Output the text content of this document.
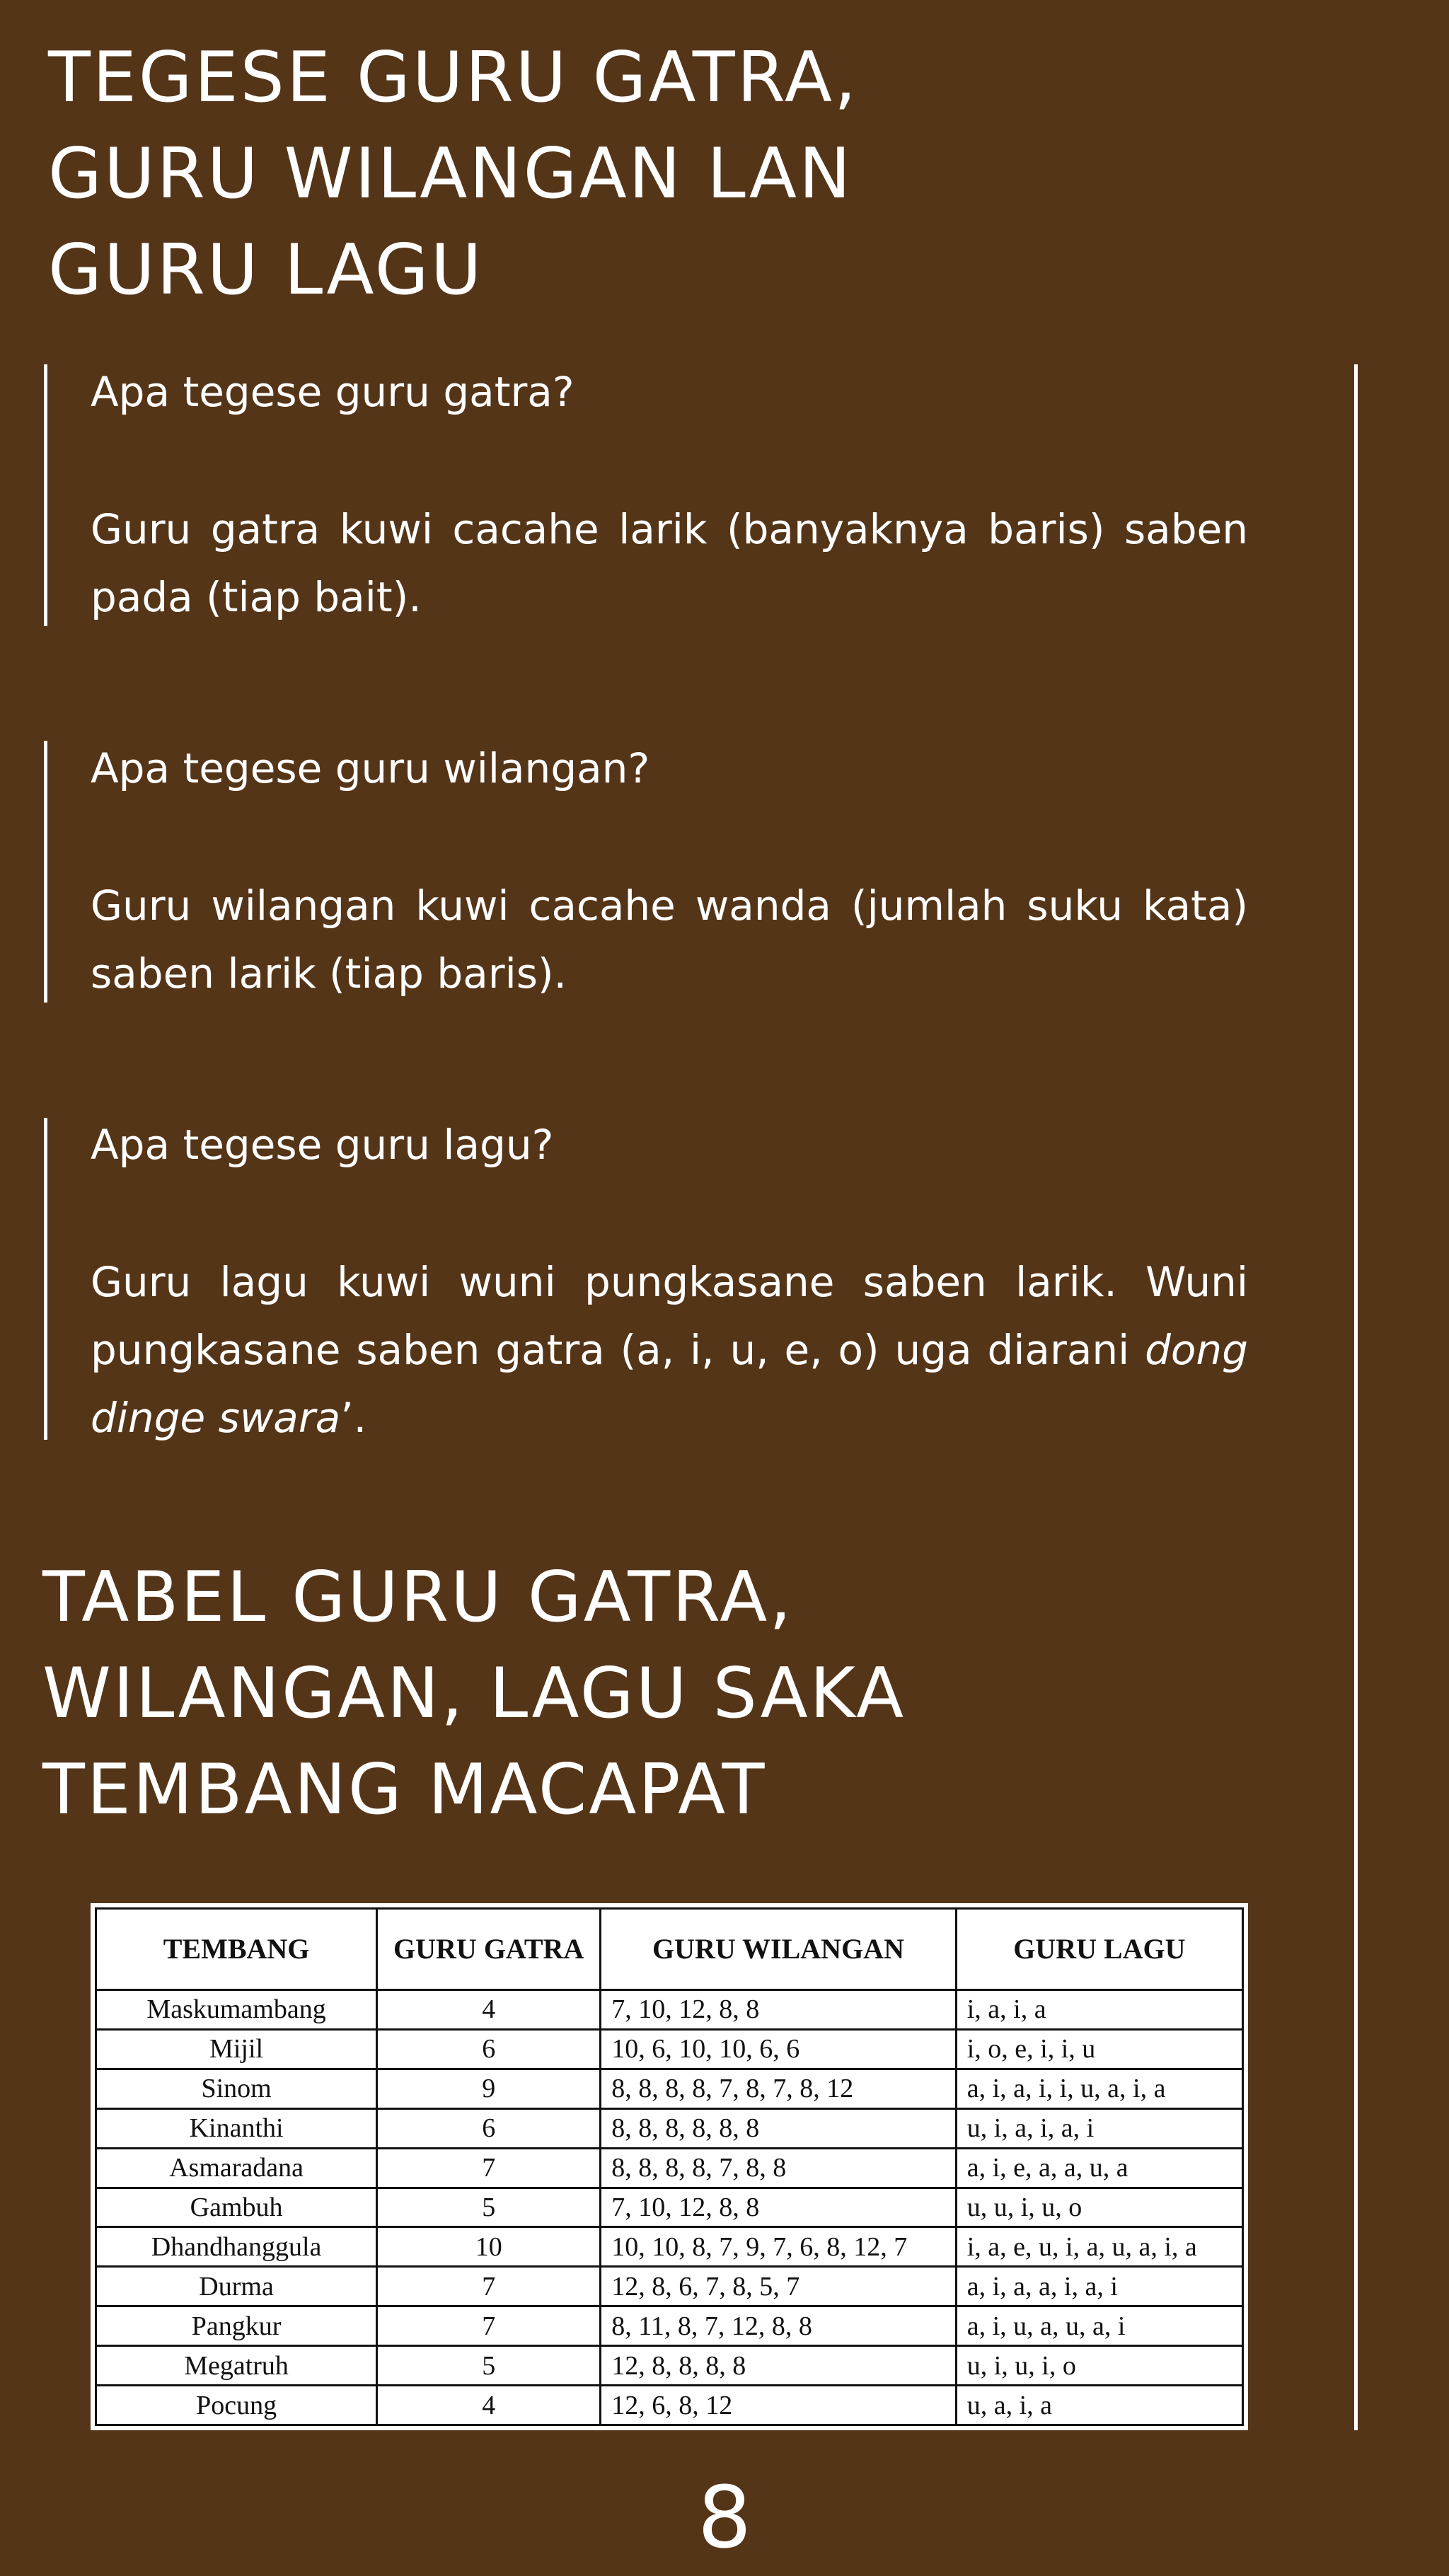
TEGESE GURU GATRA,
GURU WILANGAN LAN
GURU LAGU

Apa tegese guru gatra?

Guru gatra kuwi cacahe larik (banyaknya baris) saben pada (tiap bait).

Apa tegese guru wilangan?

Guru wilangan kuwi cacahe wanda (jumlah suku kata) saben larik (tiap baris).

Apa tegese guru lagu?

Guru lagu kuwi wuni pungkasane saben larik. Wuni pungkasane saben gatra (a, i, u, e, o) uga diarani dong dinge swara’.

TABEL GURU GATRA,
WILANGAN, LAGU SAKA
TEMBANG MACAPAT
TEMBANG	GURU GATRA	GURU WILANGAN	GURU LAGU
Maskumambang	4	7, 10, 12, 8, 8	i, a, i, a
Mijil	6	10, 6, 10, 10, 6, 6	i, o, e, i, i, u
Sinom	9	8, 8, 8, 8, 7, 8, 7, 8, 12	a, i, a, i, i, u, a, i, a
Kinanthi	6	8, 8, 8, 8, 8, 8	u, i, a, i, a, i
Asmaradana	7	8, 8, 8, 8, 7, 8, 8	a, i, e, a, a, u, a
Gambuh	5	7, 10, 12, 8, 8	u, u, i, u, o
Dhandhanggula	10	10, 10, 8, 7, 9, 7, 6, 8, 12, 7	i, a, e, u, i, a, u, a, i, a
Durma	7	12, 8, 6, 7, 8, 5, 7	a, i, a, a, i, a, i
Pangkur	7	8, 11, 8, 7, 12, 8, 8	a, i, u, a, u, a, i
Megatruh	5	12, 8, 8, 8, 8	u, i, u, i, o
Pocung	4	12, 6, 8, 12	u, a, i, a
8
